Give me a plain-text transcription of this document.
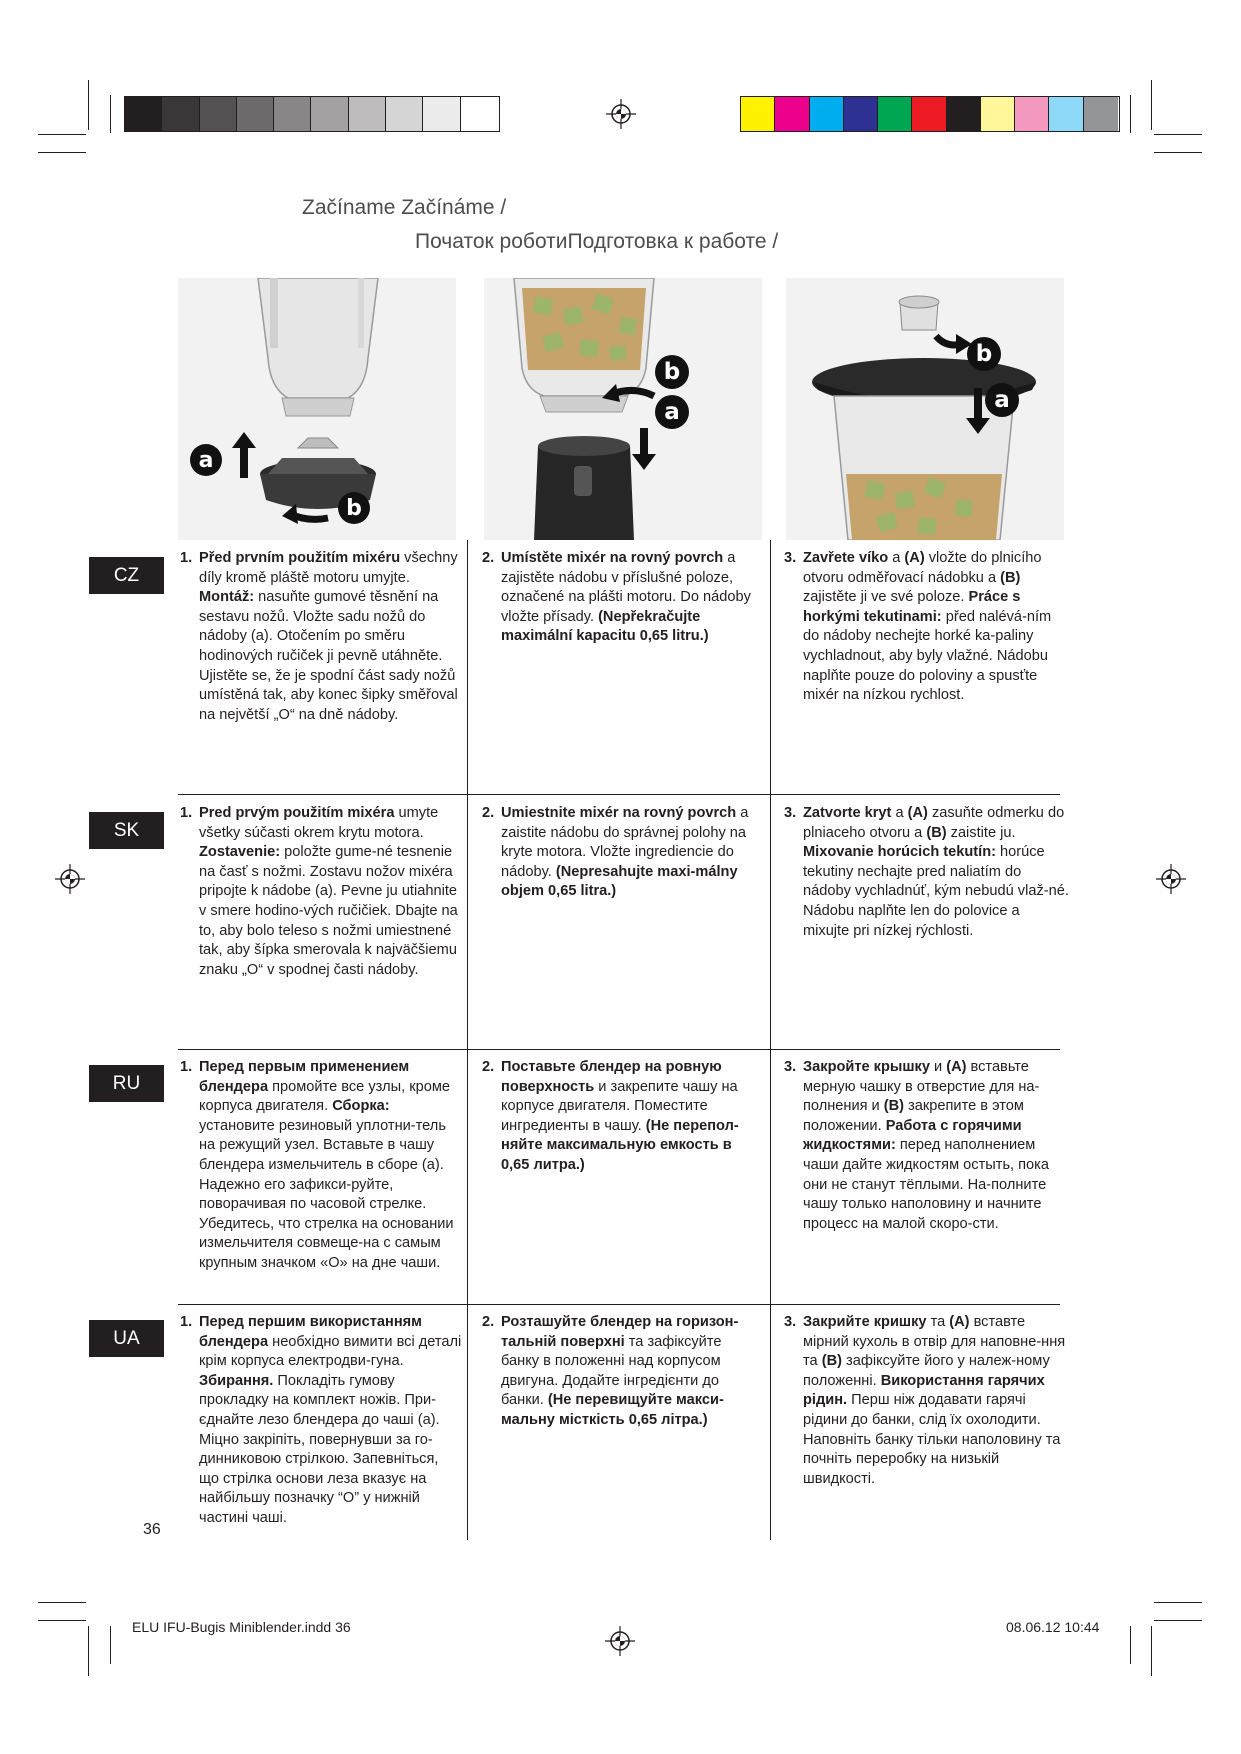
Začíname Začínáme /
Початок роботиПодготовка к работе /
a
b
b
a
b
a
CZ
1. Před prvním použitím mixéru všechny díly kromě pláště motoru umyjte. Montáž: nasuňte gumové těsnění na sestavu nožů. Vložte sadu nožů do nádoby (a). Otočením po směru hodinových ručiček ji pevně utáhněte. Ujistěte se, že je spodní část sady nožů umístěná tak, aby konec šipky směřoval na největší „O“ na dně nádoby.
2. Umístěte mixér na rovný povrch a zajistěte nádobu v příslušné poloze, označené na plášti motoru. Do nádoby vložte přísady. (Nepřekračujte maximální kapacitu 0,65 litru.)
3. Zavřete víko a (A) vložte do plnicího otvoru odměřovací nádobku a (B) zajistěte ji ve své poloze. Práce s horkými tekutinami: před nalévá-ním do nádoby nechejte horké ka-paliny vychladnout, aby byly vlažné. Nádobu naplňte pouze do poloviny a spusťte mixér na nízkou rychlost.
SK
1. Pred prvým použitím mixéra umyte všetky súčasti okrem krytu motora. Zostavenie: položte gume-né tesnenie na časť s nožmi. Zostavu nožov mixéra pripojte k nádobe (a). Pevne ju utiahnite v smere hodino-vých ručičiek. Dbajte na to, aby bolo teleso s nožmi umiestnené tak, aby šípka smerovala k najväčšiemu znaku „O“ v spodnej časti nádoby.
2. Umiestnite mixér na rovný povrch a zaistite nádobu do správnej polohy na kryte motora. Vložte ingrediencie do nádoby. (Nepresahujte maxi-málny objem 0,65 litra.)
3. Zatvorte kryt a (A) zasuňte odmerku do plniaceho otvoru a (B) zaistite ju. Mixovanie horúcich tekutín: horúce tekutiny nechajte pred naliatím do nádoby vychladnúť, kým nebudú vlaž-né. Nádobu naplňte len do polovice a mixujte pri nízkej rýchlosti.
RU
1. Перед первым применением блендера промойте все узлы, кроме корпуса двигателя. Сборка: установите резиновый уплотни-тель на режущий узел. Вставьте в чашу блендера измельчитель в сборе (a). Надежно его зафикси-руйте, поворачивая по часовой стрелке. Убедитесь, что стрелка на основании измельчителя совмеще-на с самым крупным значком «O» на дне чаши.
2. Поставьте блендер на ровную поверхность и закрепите чашу на корпусе двигателя. Поместите ингредиенты в чашу. (Не перепол-няйте максимальную емкость в 0,65 литра.)
3. Закройте крышку и (A) вставьте мерную чашку в отверстие для на-полнения и (B) закрепите в этом положении. Работа с горячими жидкостями: перед наполнением чаши дайте жидкостям остыть, пока они не станут тёплыми. На-полните чашу только наполовину и начните процесс на малой скоро-сти.
UA
1. Перед першим використанням блендера необхідно вимити всі деталі крім корпуса електродви-гуна. Збирання. Покладіть гумову прокладку на комплект ножів. При-єднайте лезо блендера до чаші (a). Міцно закріпіть, повернувши за го-динниковою стрілкою. Запевніться, що стрілка основи леза вказує на найбільшу позначку “O” у нижній частині чаші.
2. Розташуйте блендер на горизон-тальній поверхні та зафіксуйте банку в положенні над корпусом двигуна. Додайте інгредієнти до банки. (Не перевищуйте макси-мальну місткість 0,65 літра.)
3. Закрийте кришку та (A) вставте мірний кухоль в отвір для наповне-ння та (B) зафіксуйте його у належ-ному положенні. Використання гарячих рідин. Перш ніж додавати гарячі рідини до банки, слід їх охолодити. Наповніть банку тільки наполовину та почніть переробку на низькій швидкості.
36
ELU IFU-Bugis Miniblender.indd 36	08.06.12 10:44
